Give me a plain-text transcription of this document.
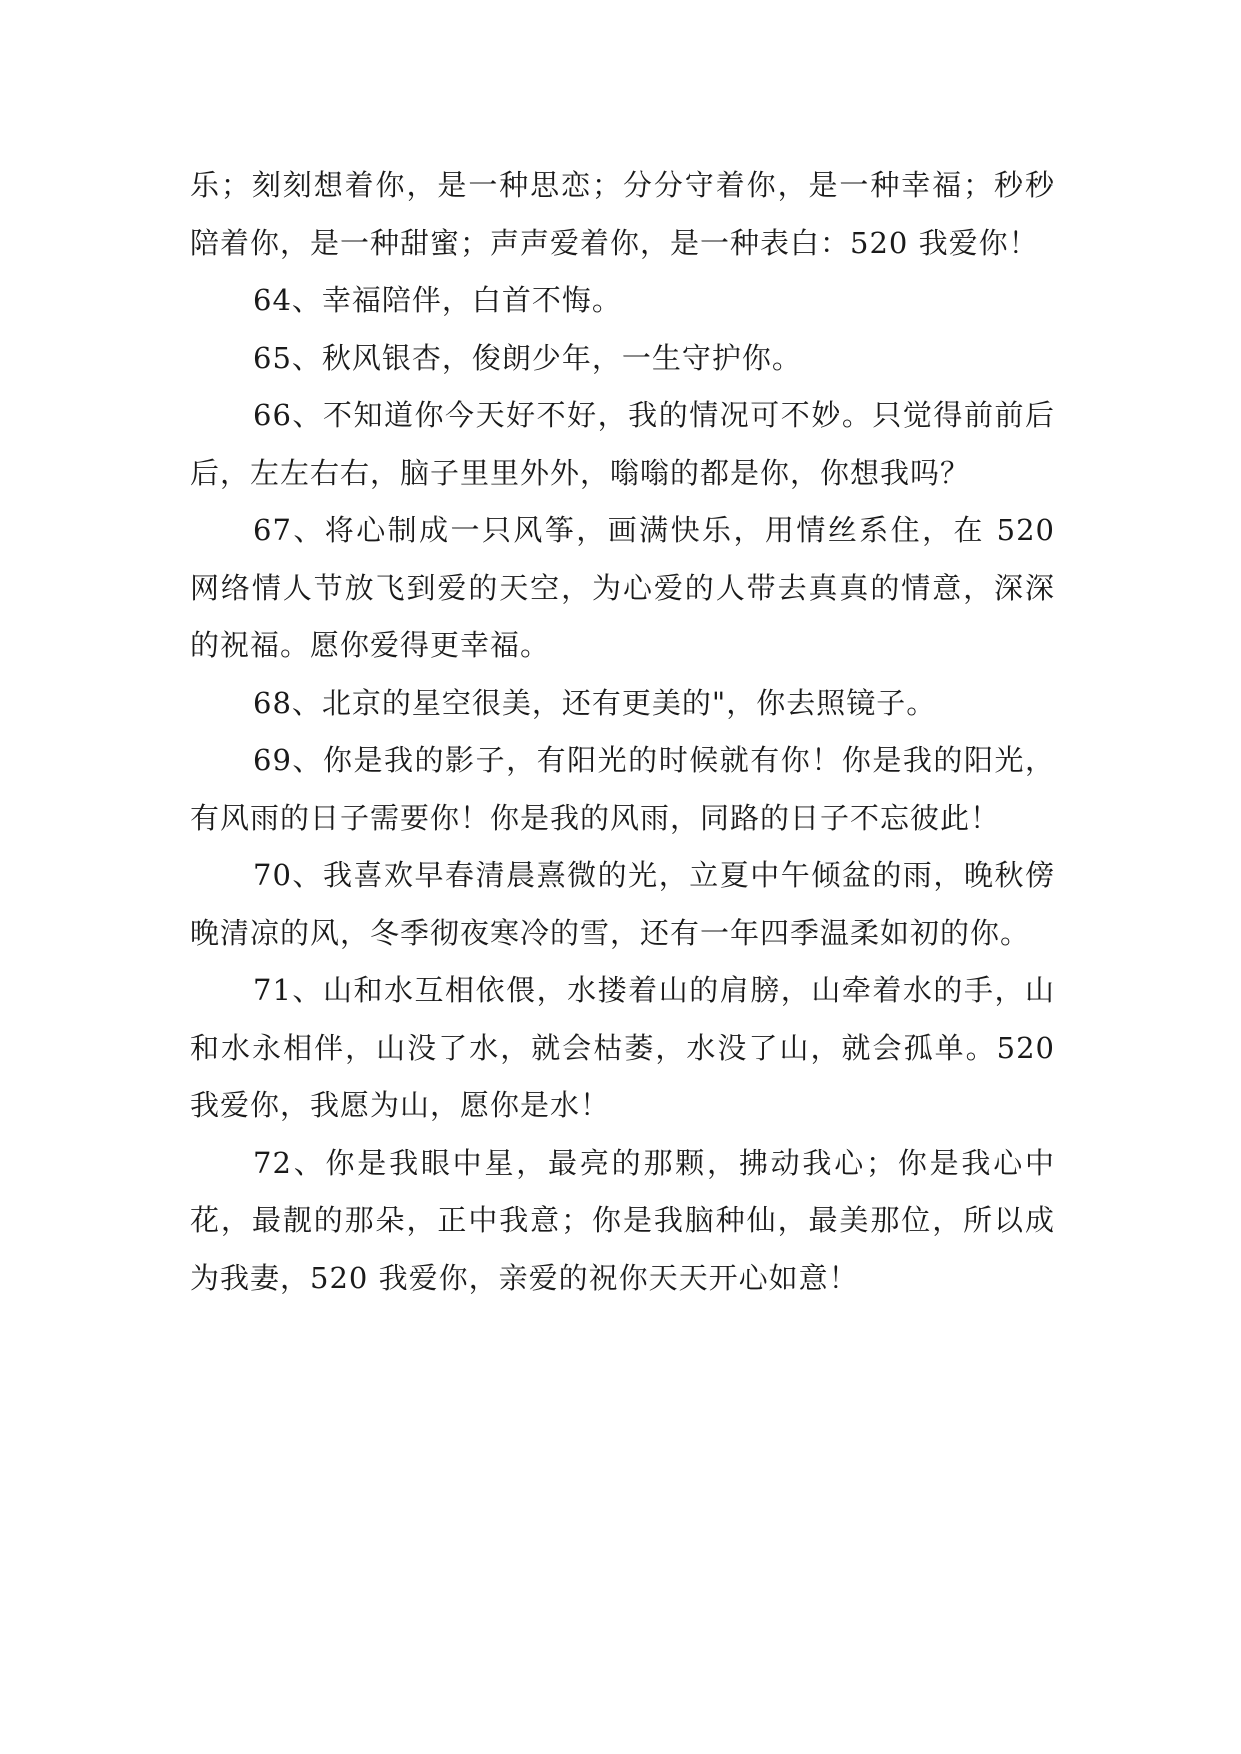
乐；刻刻想着你，是一种思恋；分分守着你，是一种幸福；秒秒陪着你，是一种甜蜜；声声爱着你，是一种表白：520 我爱你！

64、幸福陪伴，白首不悔。

65、秋风银杏，俊朗少年，一生守护你。

66、不知道你今天好不好，我的情况可不妙。只觉得前前后后，左左右右，脑子里里外外，嗡嗡的都是你，你想我吗？

67、将心制成一只风筝，画满快乐，用情丝系住，在 520 网络情人节放飞到爱的天空，为心爱的人带去真真的情意，深深的祝福。愿你爱得更幸福。

68、北京的星空很美，还有更美的"，你去照镜子。

69、你是我的影子，有阳光的时候就有你！你是我的阳光，有风雨的日子需要你！你是我的风雨，同路的日子不忘彼此！

70、我喜欢早春清晨熹微的光，立夏中午倾盆的雨，晚秋傍晚清凉的风，冬季彻夜寒冷的雪，还有一年四季温柔如初的你。

71、山和水互相依偎，水搂着山的肩膀，山牵着水的手，山和水永相伴，山没了水，就会枯萎，水没了山，就会孤单。520 我爱你，我愿为山，愿你是水！

72、你是我眼中星，最亮的那颗，拂动我心；你是我心中花，最靓的那朵，正中我意；你是我脑种仙，最美那位，所以成为我妻，520 我爱你，亲爱的祝你天天开心如意！
